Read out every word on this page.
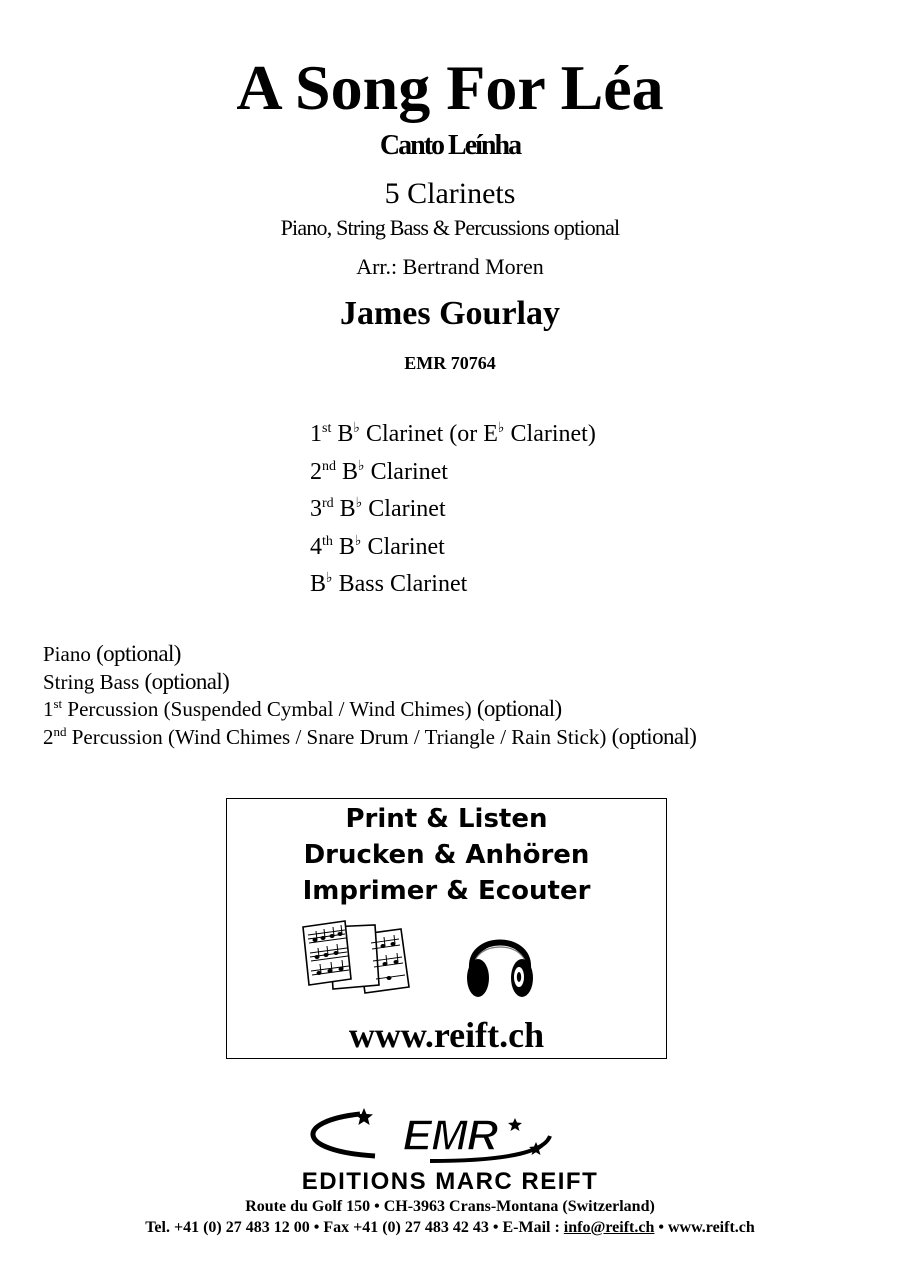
A Song For Léa
Canto Leínha
5 Clarinets
Piano, String Bass & Percussions optional
Arr.: Bertrand Moren
James Gourlay
EMR 70764
1st B♭ Clarinet (or E♭ Clarinet)
2nd B♭ Clarinet
3rd B♭ Clarinet
4th B♭ Clarinet
B♭ Bass Clarinet
Piano (optional)
String Bass (optional)
1st Percussion (Suspended Cymbal / Wind Chimes) (optional)
2nd Percussion (Wind Chimes / Snare Drum / Triangle / Rain Stick) (optional)
Print & Listen
Drucken & Anhören
Imprimer & Ecouter
www.reift.ch
EMR
EDITIONS MARC REIFT
Route du Golf 150 • CH-3963 Crans-Montana (Switzerland)
Tel. +41 (0) 27 483 12 00 • Fax +41 (0) 27 483 42 43 • E-Mail : info@reift.ch • www.reift.ch
